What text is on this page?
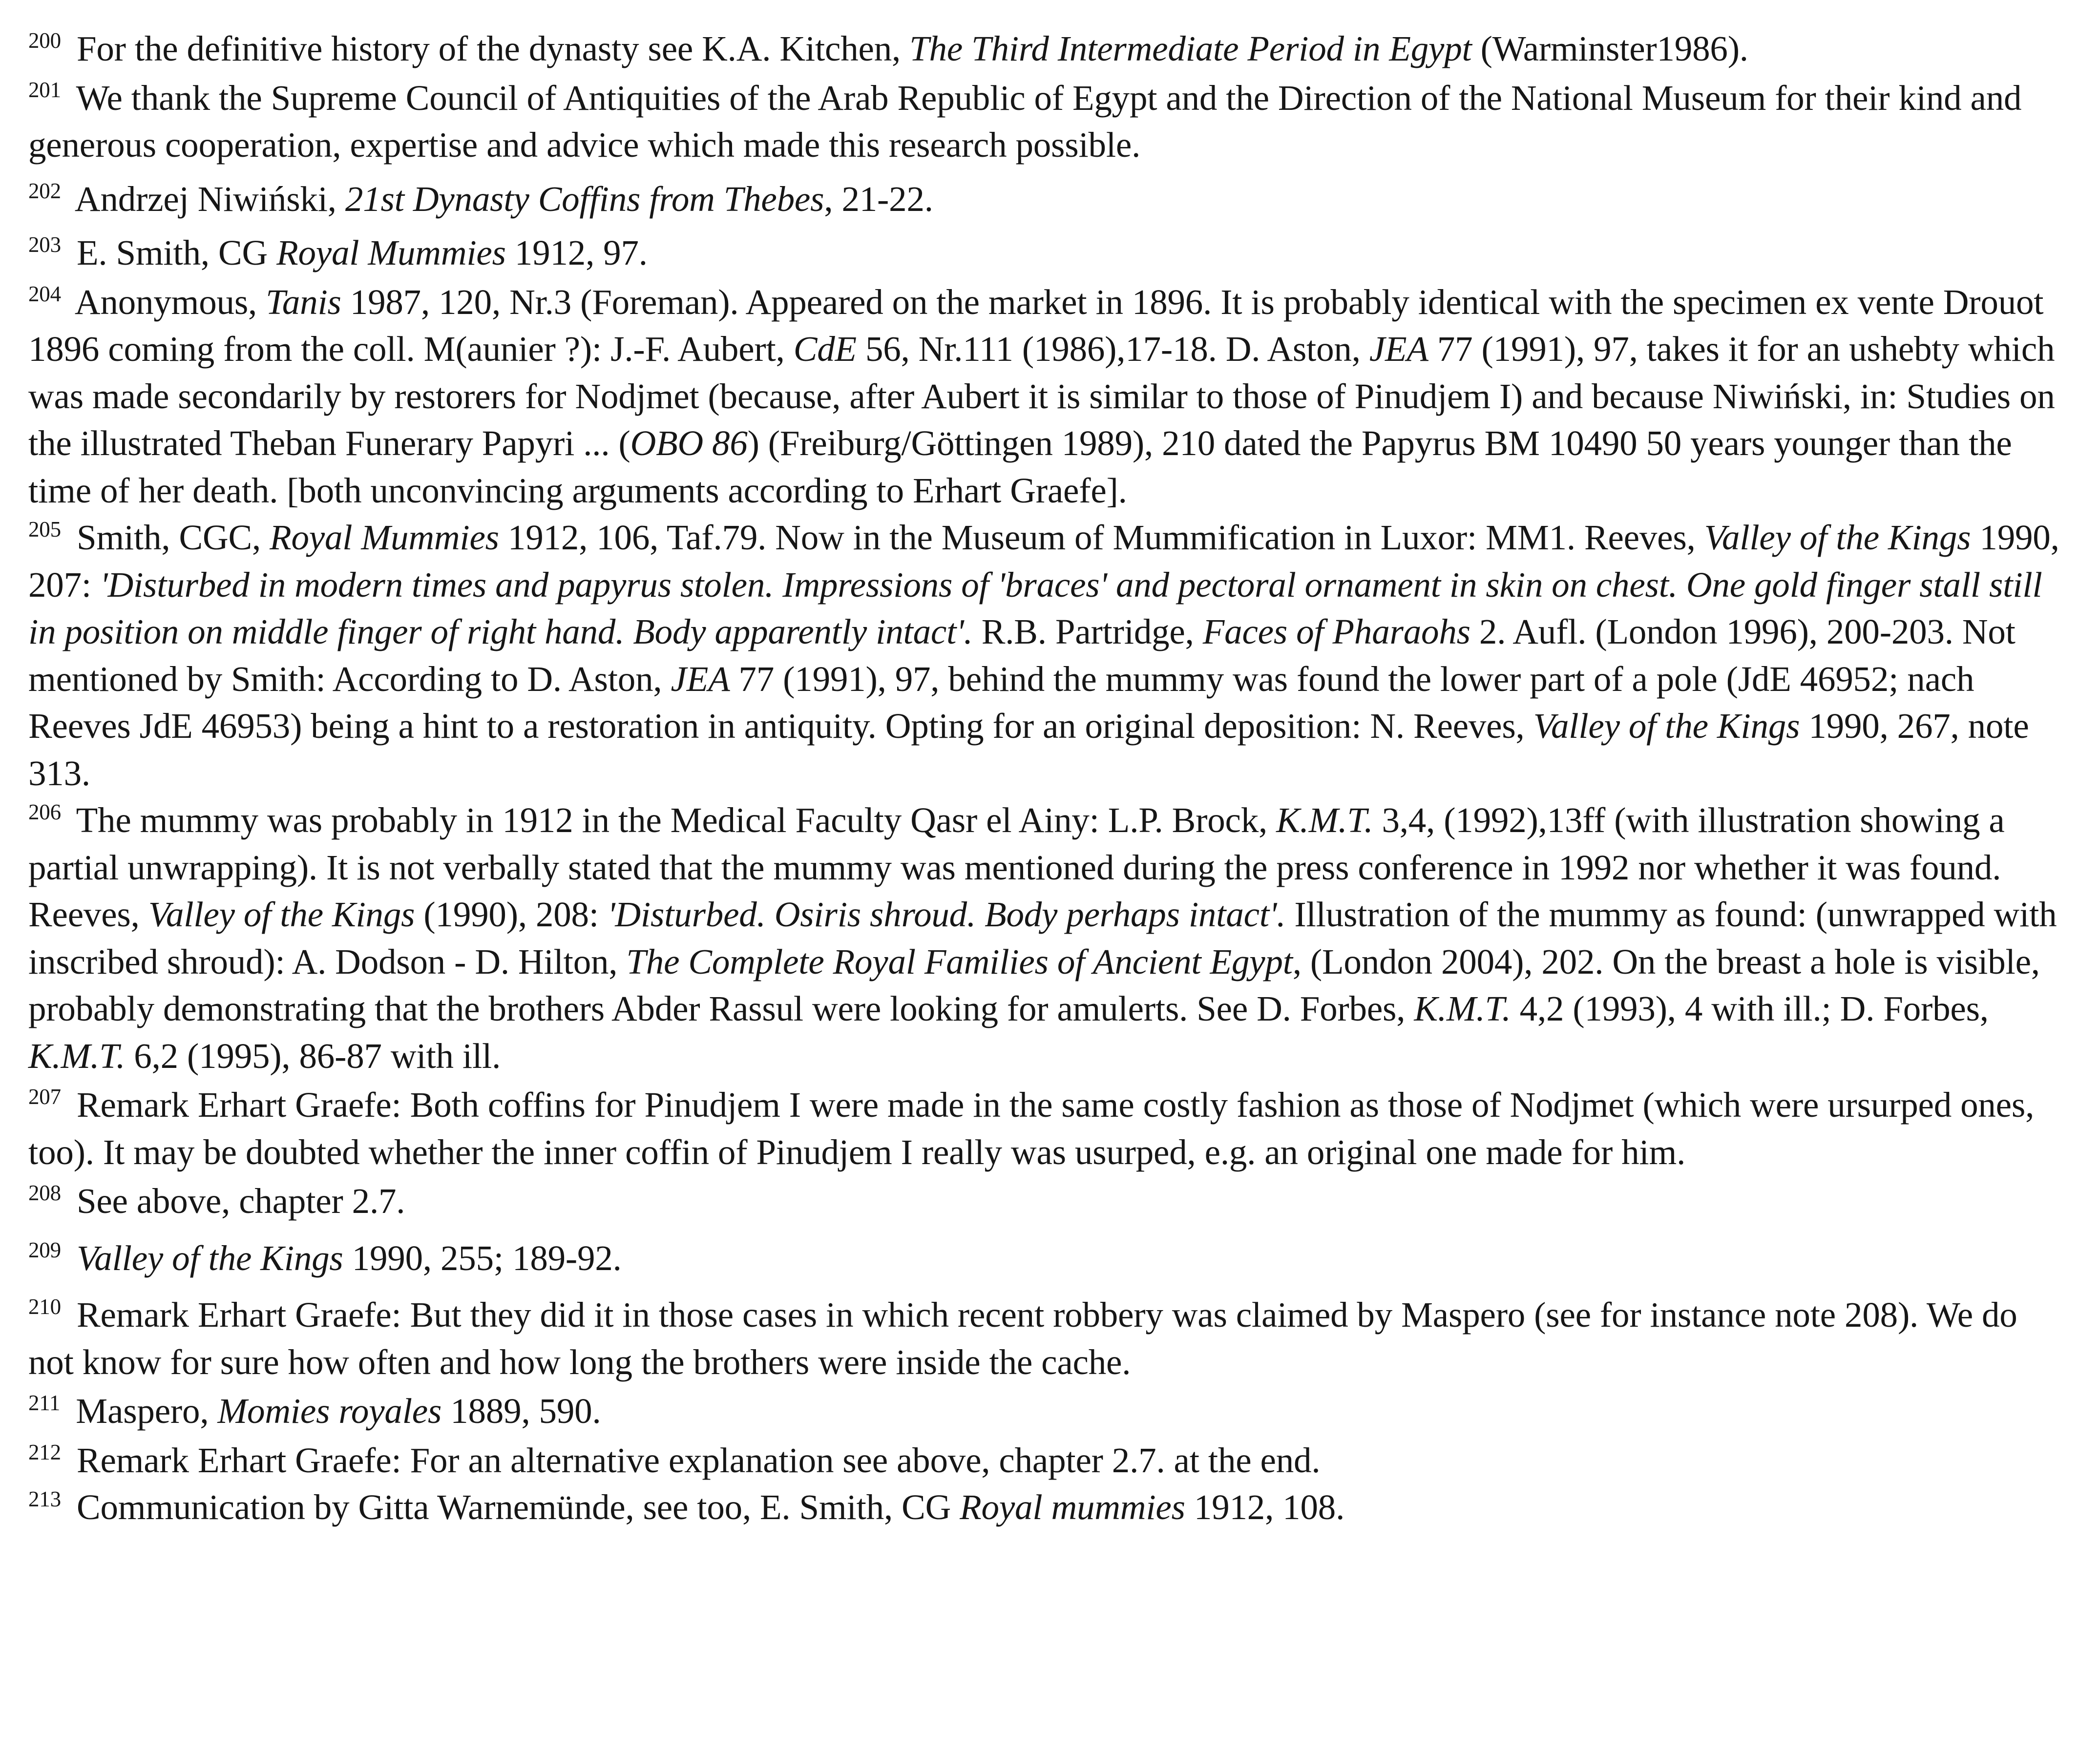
$^{200}$ For the definitive history of the dynasty see K.A. Kitchen, The Third Intermediate Period in Egypt (Warminster1986).

$^{201}$ We thank the Supreme Council of Antiquities of the Arab Republic of Egypt and the Direction of the National Museum for their kind and generous cooperation, expertise and advice which made this research possible.

$^{202}$ Andrzej Niwiński, 21st Dynasty Coffins from Thebes, 21-22.

$^{203}$ E. Smith, CG Royal Mummies 1912, 97.

$^{204}$ Anonymous, Tanis 1987, 120, Nr.3 (Foreman). Appeared on the market in 1896. It is probably identical with the specimen ex vente Drouot 1896 coming from the coll. M(aunier ?): J.-F. Aubert, CdE 56, Nr.111 (1986),17-18. D. Aston, JEA 77 (1991), 97, takes it for an ushebty which was made secondarily by restorers for Nodjmet (because, after Aubert it is similar to those of Pinudjem I) and because Niwiński, in: Studies on the illustrated Theban Funerary Papyri ... (OBO 86) (Freiburg/Göttingen 1989), 210 dated the Papyrus BM 10490 50 years younger than the time of her death. [both unconvincing arguments according to Erhart Graefe].

$^{205}$ Smith, CGC, Royal Mummies 1912, 106, Taf.79. Now in the Museum of Mummification in Luxor: MM1. Reeves, Valley of the Kings 1990, 207: 'Disturbed in modern times and papyrus stolen. Impressions of 'braces' and pectoral ornament in skin on chest. One gold finger stall still in position on middle finger of right hand. Body apparently intact'. R.B. Partridge, Faces of Pharaohs 2. Aufl. (London 1996), 200-203. Not mentioned by Smith: According to D. Aston, JEA 77 (1991), 97, behind the mummy was found the lower part of a pole (JdE 46952; nach Reeves JdE 46953) being a hint to a restoration in antiquity. Opting for an original deposition: N. Reeves, Valley of the Kings 1990, 267, note 313.

$^{206}$ The mummy was probably in 1912 in the Medical Faculty Qasr el Ainy: L.P. Brock, K.M.T. 3,4, (1992),13ff (with illustration showing a partial unwrapping). It is not verbally stated that the mummy was mentioned during the press conference in 1992 nor whether it was found. Reeves, Valley of the Kings (1990), 208: 'Disturbed. Osiris shroud. Body perhaps intact'. Illustration of the mummy as found: (unwrapped with inscribed shroud): A. Dodson - D. Hilton, The Complete Royal Families of Ancient Egypt, (London 2004), 202. On the breast a hole is visible, probably demonstrating that the brothers Abder Rassul were looking for amulerts. See D. Forbes, K.M.T. 4,2 (1993), 4 with ill.; D. Forbes, K.M.T. 6,2 (1995), 86-87 with ill.

$^{207}$ Remark Erhart Graefe: Both coffins for Pinudjem I were made in the same costly fashion as those of Nodjmet (which were ursurped ones, too). It may be doubted whether the inner coffin of Pinudjem I really was usurped, e.g. an original one made for him.

$^{208}$ See above, chapter 2.7.

$^{209}$ Valley of the Kings 1990, 255; 189-92.

$^{210}$ Remark Erhart Graefe: But they did it in those cases in which recent robbery was claimed by Maspero (see for instance note 208). We do not know for sure how often and how long the brothers were inside the cache.

$^{211}$ Maspero, Momies royales 1889, 590.

$^{212}$ Remark Erhart Graefe: For an alternative explanation see above, chapter 2.7. at the end.

$^{213}$ Communication by Gitta Warnemünde, see too, E. Smith, CG Royal mummies 1912, 108.
